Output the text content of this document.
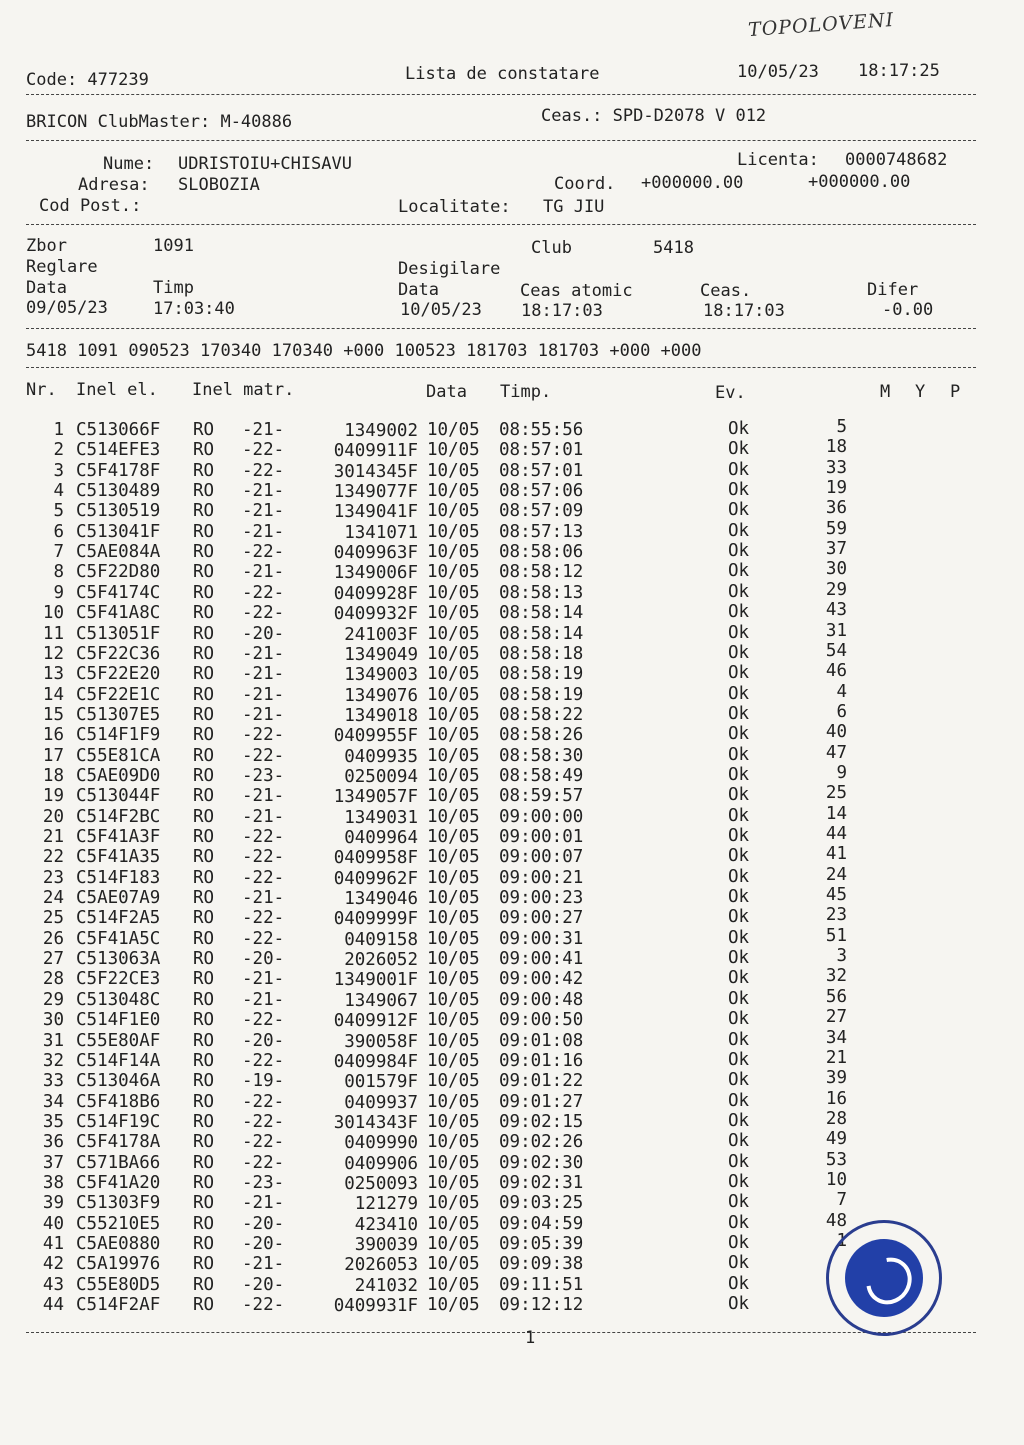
TOPOLOVENI
Code: 477239	Lista de constatare	10/05/23 18:17:25
BRICON ClubMaster: M-40886	Ceas.: SPD-D2078 V 012
Nume: UDRISTOIU+CHISAVU	Licenta: 0000748682
Adresa: SLOBOZIA	Coord. +000000.00	+000000.00
Cod Post.:	Localitate: TG JIU
Zbor	1091	Club	5418
Reglare	Desigilare
Data	Timp	Data	Ceas atomic	Ceas.	Difer
09/05/23	17:03:40	10/05/23 18:17:03	18:17:03	-0.00
5418 1091 090523 170340 170340 +000 100523 181703 181703 +000 +000
Nr. Inel el. Inel matr.	Data Timp.	Ev.	M Y P
1 C513066F RO -21-	1349002 10/05 08:55:56	Ok	5
2 C514EFE3 RO -22-	0409911F 10/05 08:57:01	Ok	18
3 C5F4178F RO -22-	3014345F 10/05 08:57:01	Ok	33
4 C5130489 RO -21-	1349077F 10/05 08:57:06	Ok	19
5 C5130519 RO -21-	1349041F 10/05 08:57:09	Ok	36
6 C513041F RO -21-	1341071 10/05 08:57:13	Ok	59
7 C5AE084A RO -22-	0409963F 10/05 08:58:06	Ok	37
8 C5F22D80 RO -21-	1349006F 10/05 08:58:12	Ok	30
9 C5F4174C RO -22-	0409928F 10/05 08:58:13	Ok	29
10 C5F41A8C RO -22-	0409932F 10/05 08:58:14	Ok	43
11 C513051F RO -20-	241003F 10/05 08:58:14	Ok	31
12 C5F22C36 RO -21-	1349049 10/05 08:58:18	Ok	54
13 C5F22E20 RO -21-	1349003 10/05 08:58:19	Ok	46
14 C5F22E1C RO -21-	1349076 10/05 08:58:19	Ok	4
15 C51307E5 RO -21-	1349018 10/05 08:58:22	Ok	6
16 C514F1F9 RO -22-	0409955F 10/05 08:58:26	Ok	40
17 C55E81CA RO -22-	0409935 10/05 08:58:30	Ok	47
18 C5AE09D0 RO -23-	0250094 10/05 08:58:49	Ok	9
19 C513044F RO -21-	1349057F 10/05 08:59:57	Ok	25
20 C514F2BC RO -21-	1349031 10/05 09:00:00	Ok	14
21 C5F41A3F RO -22-	0409964 10/05 09:00:01	Ok	44
22 C5F41A35 RO -22-	0409958F 10/05 09:00:07	Ok	41
23 C514F183 RO -22-	0409962F 10/05 09:00:21	Ok	24
24 C5AE07A9 RO -21-	1349046 10/05 09:00:23	Ok	45
25 C514F2A5 RO -22-	0409999F 10/05 09:00:27	Ok	23
26 C5F41A5C RO -22-	0409158 10/05 09:00:31	Ok	51
27 C513063A RO -20-	2026052 10/05 09:00:41	Ok	3
28 C5F22CE3 RO -21-	1349001F 10/05 09:00:42	Ok	32
29 C513048C RO -21-	1349067 10/05 09:00:48	Ok	56
30 C514F1E0 RO -22-	0409912F 10/05 09:00:50	Ok	27
31 C55E80AF RO -20-	390058F 10/05 09:01:08	Ok	34
32 C514F14A RO -22-	0409984F 10/05 09:01:16	Ok	21
33 C513046A RO -19-	001579F 10/05 09:01:22	Ok	39
34 C5F418B6 RO -22-	0409937 10/05 09:01:27	Ok	16
35 C514F19C RO -22-	3014343F 10/05 09:02:15	Ok	28
36 C5F4178A RO -22-	0409990 10/05 09:02:26	Ok	49
37 C571BA66 RO -22-	0409906 10/05 09:02:30	Ok	53
38 C5F41A20 RO -23-	0250093 10/05 09:02:31	Ok	10
39 C51303F9 RO -21-	121279 10/05 09:03:25	Ok	7
40 C55210E5 RO -20-	423410 10/05 09:04:59	Ok	48
41 C5AE0880 RO -20-	390039 10/05 09:05:39	Ok	1
42 C5A19976 RO -21-	2026053 10/05 09:09:38	Ok
43 C55E80D5 RO -20-	241032 10/05 09:11:51	Ok
44 C514F2AF RO -22-	0409931F 10/05 09:12:12	Ok
1
